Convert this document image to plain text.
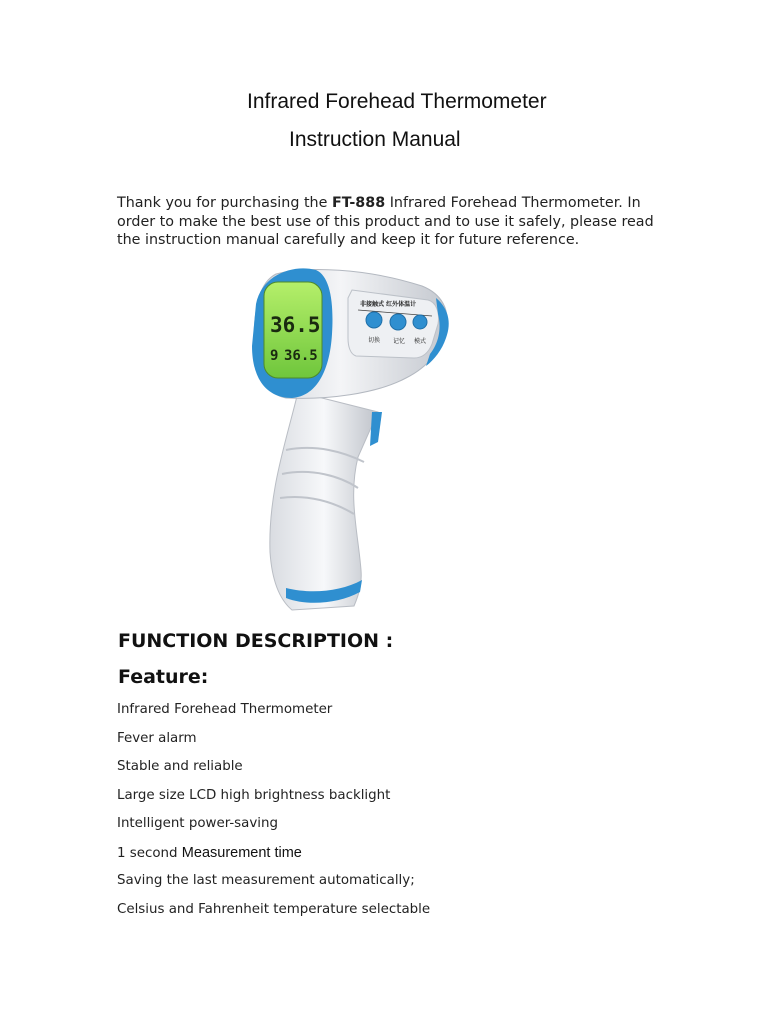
Infrared Forehead Thermometer
Instruction Manual
Thank you for purchasing the FT-888 Infrared Forehead Thermometer. In order to make the best use of this product and to use it safely, please read the instruction manual carefully and keep it for future reference.
36.5
9 36.5
非接触式 红外体温计
切换 记忆 模式
FUNCTION DESCRIPTION :
Feature:
Infrared Forehead Thermometer
Fever alarm
Stable and reliable
Large size LCD high brightness backlight
Intelligent power-saving
1 second Measurement time
Saving the last measurement automatically;
Celsius and Fahrenheit temperature selectable
